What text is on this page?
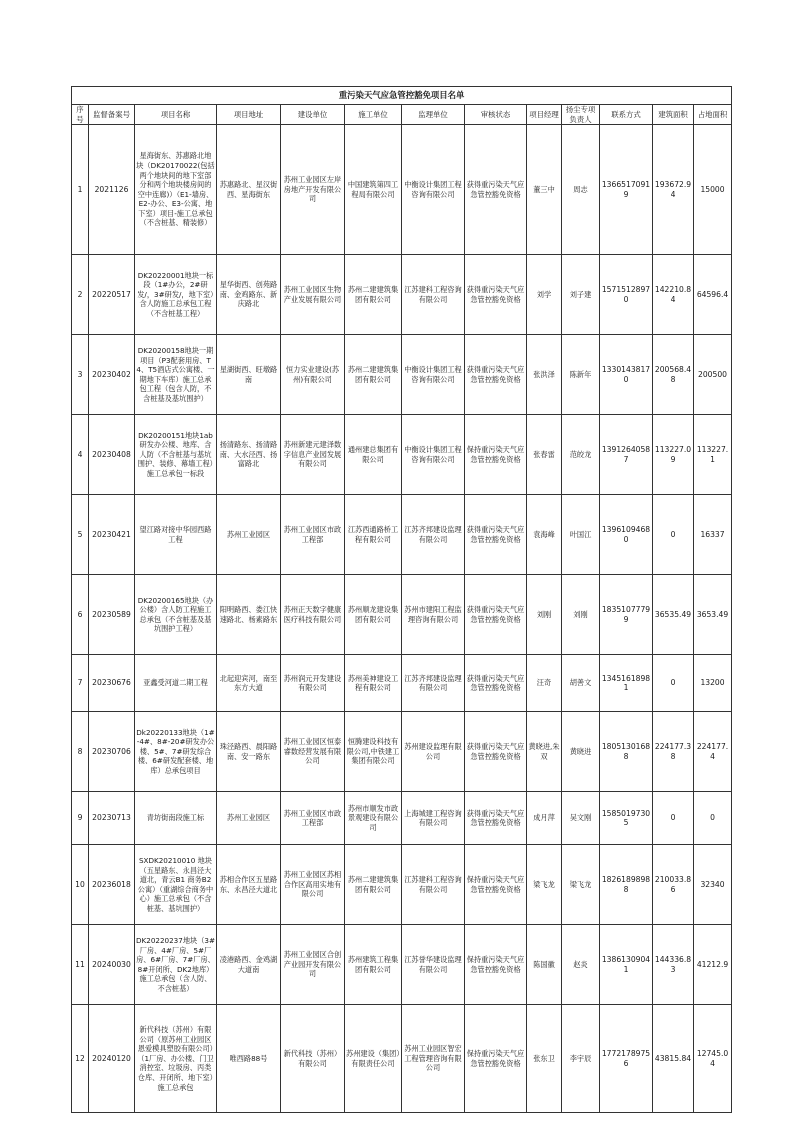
重污染天气应急管控豁免项目名单												
序号	监督备案号	项目名称	项目地址	建设单位	施工单位	监理单位	审核状态	项目经理	扬尘专项负责人	联系方式	建筑面积	占地面积
1	2021126	星海街东、苏惠路北地块（DK20170022(包括两个地块间的地下室部分和两个地块楼房间的空中连廊)）（E1-墙房、E2-办公、E3-公寓、地下室）项目-施工总承包（不含桩基、精装修）	苏惠路北、星汉街西、星海街东	苏州工业园区左岸房地产开发有限公司	中国建筑第四工程局有限公司	中衡设计集团工程咨询有限公司	获得重污染天气应急管控豁免资格	董三中	周志	13665170919	193672.94	15000
2	20220517	DK20220001地块一标段（1#办公，2#研发/，3#研发/，地下室）含人防施工总承包工程（不含桩基工程）	星华街西、创苑路南、金鸡路东、新庆路北	苏州工业园区生物产业发展有限公司	苏州二建建筑集团有限公司	江苏建科工程咨询有限公司	获得重污染天气应急管控豁免资格	刘学	刘子建	15715128970	142210.84	64596.4
3	20230402	DK20200158地块一期项目（P3配套用房、T4、T5酒店式公寓楼、一期地下车库）施工总承包工程（包含人防，不含桩基及基坑围护）	星湖街西、旺墩路南	恒力实业建设(苏州)有限公司	苏州二建建筑集团有限公司	中衡设计集团工程咨询有限公司	获得重污染天气应急管控豁免资格	张洪泽	陈新年	13301438170	200568.48	200500
4	20230408	DK20200151地块1ab研发办公楼、地库、含人防（不含桩基与基坑围护、装修、幕墙工程）施工总承包一标段	扬清路东、扬清路南、大水泾西、扬富路北	苏州新建元建泽数字信息产业园发展有限公司	通州建总集团有限公司	中衡设计集团工程咨询有限公司	保持重污染天气应急管控豁免资格	张春雷	范皎龙	13912640587	113227.09	113227.1
5	20230421	望江路对接中华园西路工程	苏州工业园区	苏州工业园区市政工程部	江苏西通路桥工程有限公司	江苏齐邦建设监理有限公司	获得重污染天气应急管控豁免资格	袁海峰	叶国江	13961094680	0	16337
6	20230589	DK20200165地块（办公楼）含人防工程施工总承包（不含桩基及基坑围护工程）	阳明路西、娄江快速路北、杨素路东	苏州正天数字健康医疗科技有限公司	苏州顺龙建设集团有限公司	苏州市建阳工程监理咨询有限公司	获得重污染天气应急管控豁免资格	刘刚	刘刚	18351077799	36535.49	3653.49
7	20230676	亚鑫受河道二期工程	北起迎宾河，南至东方大道	苏州润元开发建设有限公司	苏州美神建设工程有限公司	江苏齐邦建设监理有限公司	获得重污染天气应急管控豁免资格	汪奇	胡善文	13451618981	0	13200
8	20230706	Dk20220133地块（1#-4#、8#-20#研发办公楼、5#、7#研发综合楼、6#研发配套楼、地库）总承包项目	珠泾路西、晨阳路南、安一路东	苏州工业园区恒泰睿数经营发展有限公司	恒腾建设科技有限公司,中铁建工集团有限公司	苏州建设监理有限公司	获得重污染天气应急管控豁免资格	黄晓进,朱双	黄晓进	18051301688	224177.38	224177.4
9	20230713	青坊街南段施工标	苏州工业园区	苏州工业园区市政工程部	苏州市顺发市政景观建设有限公司	上海城建工程咨询有限公司	获得重污染天气应急管控豁免资格	成月萍	吴文刚	15850197305	0	0
10	20236018	SXDK20210010 地块（五星路东、永昌泾大道北，青云B1 商务B2 公寓）（重湖综合商务中心）施工总承包（不含桩基、基坑围护）	苏相合作区五星路东、永昌泾大道北	苏州工业园区苏相合作区高用实地有限公司	苏州二建建筑集团有限公司	江苏建科工程咨询有限公司	保持重污染天气应急管控豁免资格	梁飞龙	梁飞龙	18261898988	210033.86	32340
11	20240030	DK20220237地块（3#厂房、4#厂房、5#厂房、6#厂房、7#厂房、8#开闭所、DK2地库）施工总承包（含人防、不含桩基）	凌港路西、金鸡湖大道南	苏州工业园区合创产业园开发有限公司	苏州建筑工程集团有限公司	江苏誉华建设监理有限公司	保持重污染天气应急管控豁免资格	陈国徽	赵炎	13861309041	144336.83	41212.9
12	20240120	新代科技（苏州）有限公司（原苏州工业园区恩爱模具塑胶有限公司）（1厂房、办公楼、门卫消控室、垃圾房、丙类仓库、开闭所、地下室）施工总承包	唯西路88号	新代科技（苏州）有限公司	苏州建设（集团）有限责任公司	苏州工业园区智宏工程管理咨询有限公司	保持重污染天气应急管控豁免资格	张东卫	李宇辰	17721789756	43815.84	12745.04
